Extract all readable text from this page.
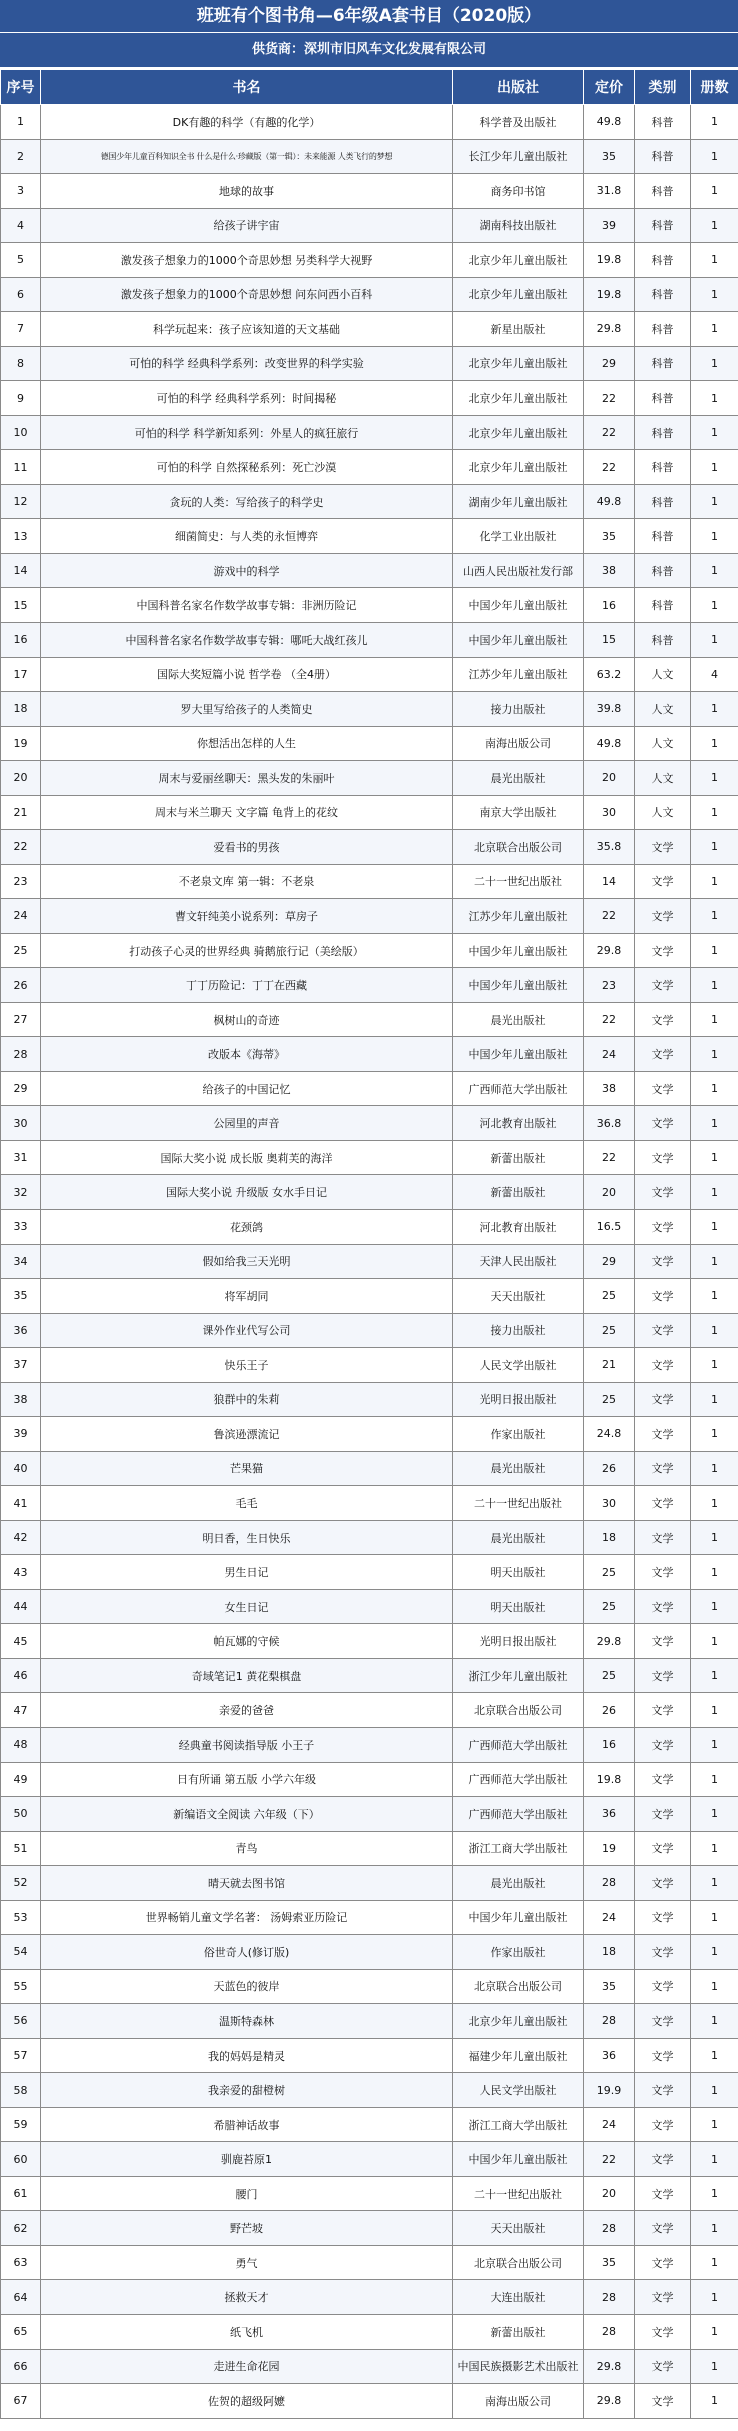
班班有个图书角—6年级A套书目（2020版）
供货商：深圳市旧风车文化发展有限公司
序号	书名	出版社	定价	类别	册数
1	DK有趣的科学（有趣的化学）	科学普及出版社	49.8	科普	1
2	德国少年儿童百科知识全书 什么是什么·珍藏版（第一辑）：未来能源 人类飞行的梦想	长江少年儿童出版社	35	科普	1
3	地球的故事	商务印书馆	31.8	科普	1
4	给孩子讲宇宙	湖南科技出版社	39	科普	1
5	激发孩子想象力的1000个奇思妙想 另类科学大视野	北京少年儿童出版社	19.8	科普	1
6	激发孩子想象力的1000个奇思妙想 问东问西小百科	北京少年儿童出版社	19.8	科普	1
7	科学玩起来：孩子应该知道的天文基础	新星出版社	29.8	科普	1
8	可怕的科学 经典科学系列：改变世界的科学实验	北京少年儿童出版社	29	科普	1
9	可怕的科学 经典科学系列：时间揭秘	北京少年儿童出版社	22	科普	1
10	可怕的科学 科学新知系列：外星人的疯狂旅行	北京少年儿童出版社	22	科普	1
11	可怕的科学 自然探秘系列：死亡沙漠	北京少年儿童出版社	22	科普	1
12	贪玩的人类：写给孩子的科学史	湖南少年儿童出版社	49.8	科普	1
13	细菌简史：与人类的永恒博弈	化学工业出版社	35	科普	1
14	游戏中的科学	山西人民出版社发行部	38	科普	1
15	中国科普名家名作数学故事专辑：非洲历险记	中国少年儿童出版社	16	科普	1
16	中国科普名家名作数学故事专辑：哪吒大战红孩儿	中国少年儿童出版社	15	科普	1
17	国际大奖短篇小说 哲学卷 （全4册）	江苏少年儿童出版社	63.2	人文	4
18	罗大里写给孩子的人类简史	接力出版社	39.8	人文	1
19	你想活出怎样的人生	南海出版公司	49.8	人文	1
20	周末与爱丽丝聊天：黑头发的朱丽叶	晨光出版社	20	人文	1
21	周末与米兰聊天 文字篇 龟背上的花纹	南京大学出版社	30	人文	1
22	爱看书的男孩	北京联合出版公司	35.8	文学	1
23	不老泉文库 第一辑：不老泉	二十一世纪出版社	14	文学	1
24	曹文轩纯美小说系列：草房子	江苏少年儿童出版社	22	文学	1
25	打动孩子心灵的世界经典 骑鹅旅行记（美绘版）	中国少年儿童出版社	29.8	文学	1
26	丁丁历险记：丁丁在西藏	中国少年儿童出版社	23	文学	1
27	枫树山的奇迹	晨光出版社	22	文学	1
28	改版本《海蒂》	中国少年儿童出版社	24	文学	1
29	给孩子的中国记忆	广西师范大学出版社	38	文学	1
30	公园里的声音	河北教育出版社	36.8	文学	1
31	国际大奖小说 成长版 奥莉芙的海洋	新蕾出版社	22	文学	1
32	国际大奖小说 升级版 女水手日记	新蕾出版社	20	文学	1
33	花颈鸽	河北教育出版社	16.5	文学	1
34	假如给我三天光明	天津人民出版社	29	文学	1
35	将军胡同	天天出版社	25	文学	1
36	课外作业代写公司	接力出版社	25	文学	1
37	快乐王子	人民文学出版社	21	文学	1
38	狼群中的朱莉	光明日报出版社	25	文学	1
39	鲁滨逊漂流记	作家出版社	24.8	文学	1
40	芒果猫	晨光出版社	26	文学	1
41	毛毛	二十一世纪出版社	30	文学	1
42	明日香，生日快乐	晨光出版社	18	文学	1
43	男生日记	明天出版社	25	文学	1
44	女生日记	明天出版社	25	文学	1
45	帕瓦娜的守候	光明日报出版社	29.8	文学	1
46	奇域笔记1 黄花梨棋盘	浙江少年儿童出版社	25	文学	1
47	亲爱的爸爸	北京联合出版公司	26	文学	1
48	经典童书阅读指导版 小王子	广西师范大学出版社	16	文学	1
49	日有所诵 第五版 小学六年级	广西师范大学出版社	19.8	文学	1
50	新编语文全阅读 六年级（下）	广西师范大学出版社	36	文学	1
51	青鸟	浙江工商大学出版社	19	文学	1
52	晴天就去图书馆	晨光出版社	28	文学	1
53	世界畅销儿童文学名著： 汤姆索亚历险记	中国少年儿童出版社	24	文学	1
54	俗世奇人(修订版)	作家出版社	18	文学	1
55	天蓝色的彼岸	北京联合出版公司	35	文学	1
56	温斯特森林	北京少年儿童出版社	28	文学	1
57	我的妈妈是精灵	福建少年儿童出版社	36	文学	1
58	我亲爱的甜橙树	人民文学出版社	19.9	文学	1
59	希腊神话故事	浙江工商大学出版社	24	文学	1
60	驯鹿苔原1	中国少年儿童出版社	22	文学	1
61	腰门	二十一世纪出版社	20	文学	1
62	野芒坡	天天出版社	28	文学	1
63	勇气	北京联合出版公司	35	文学	1
64	拯救天才	大连出版社	28	文学	1
65	纸飞机	新蕾出版社	28	文学	1
66	走进生命花园	中国民族摄影艺术出版社	29.8	文学	1
67	佐贺的超级阿嬷	南海出版公司	29.8	文学	1
